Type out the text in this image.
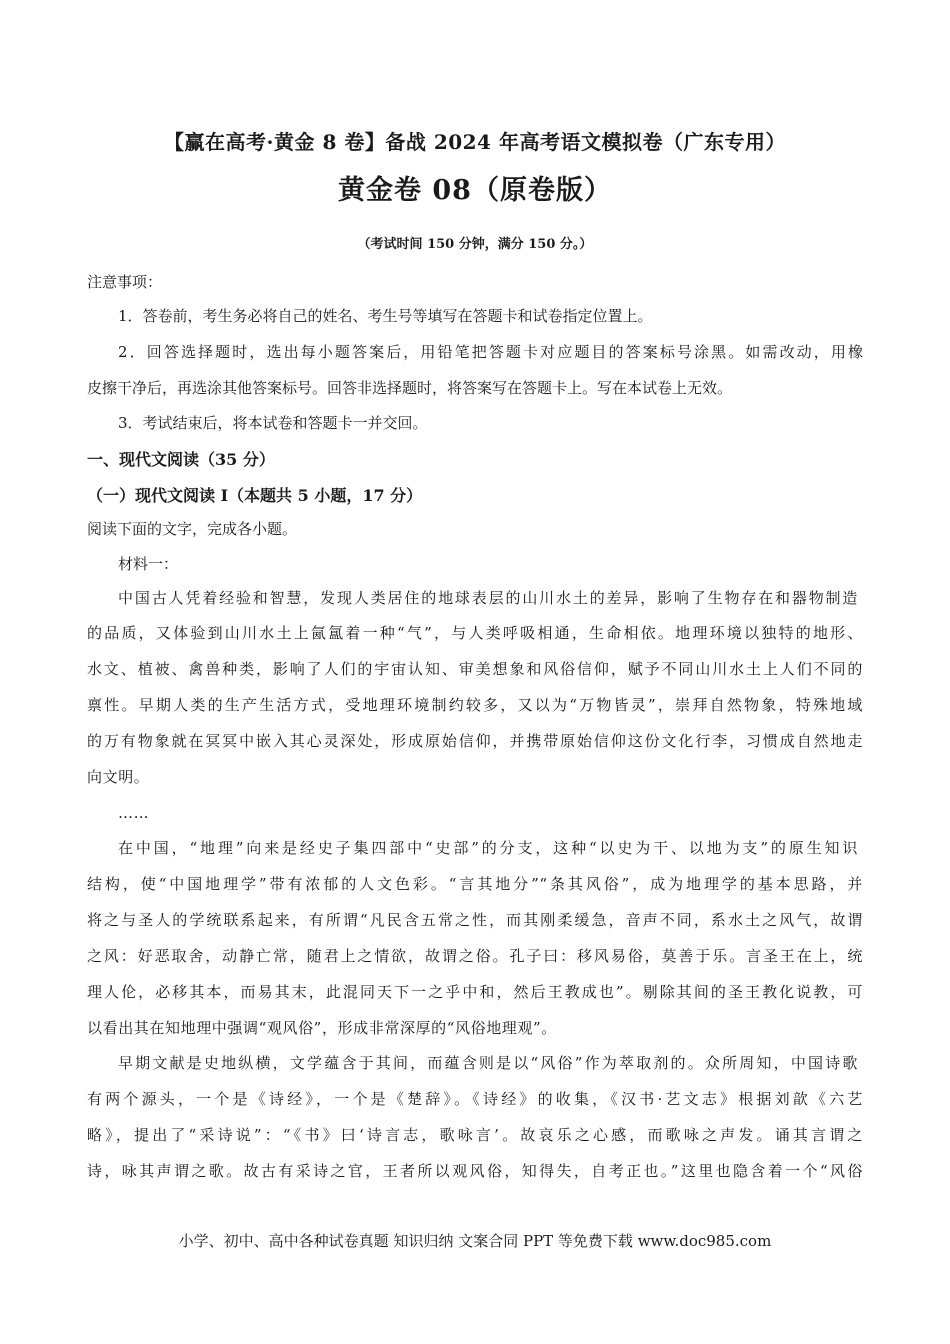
【赢在高考·黄金 8 卷】备战 2024 年高考语文模拟卷（广东专用）
黄金卷 08（原卷版）
（考试时间 150 分钟，满分 150 分。）
注意事项：
1．答卷前，考生务必将自己的姓名、考生号等填写在答题卡和试卷指定位置上。
2．回答选择题时，选出每小题答案后，用铅笔把答题卡对应题目的答案标号涂黑。如需改动，用橡
皮擦干净后，再选涂其他答案标号。回答非选择题时，将答案写在答题卡上。写在本试卷上无效。
3．考试结束后，将本试卷和答题卡一并交回。
一、现代文阅读（35 分）
（一）现代文阅读 I（本题共 5 小题，17 分）
阅读下面的文字，完成各小题。
材料一：
中国古人凭着经验和智慧，发现人类居住的地球表层的山川水土的差异，影响了生物存在和器物制造
的品质，又体验到山川水土上氤氲着一种“气”，与人类呼吸相通，生命相依。地理环境以独特的地形、
水文、植被、禽兽种类，影响了人们的宇宙认知、审美想象和风俗信仰，赋予不同山川水土上人们不同的
禀性。早期人类的生产生活方式，受地理环境制约较多，又以为“万物皆灵”，崇拜自然物象，特殊地域
的万有物象就在冥冥中嵌入其心灵深处，形成原始信仰，并携带原始信仰这份文化行李，习惯成自然地走
向文明。
……
在中国，“地理”向来是经史子集四部中“史部”的分支，这种“以史为干、以地为支”的原生知识
结构，使“中国地理学”带有浓郁的人文色彩。“言其地分”“条其风俗”，成为地理学的基本思路，并
将之与圣人的学统联系起来，有所谓“凡民含五常之性，而其刚柔缓急，音声不同，系水土之风气，故谓
之风：好恶取舍，动静亡常，随君上之情欲，故谓之俗。孔子曰：移风易俗，莫善于乐。言圣王在上，统
理人伦，必移其本，而易其末，此混同天下一之乎中和，然后王教成也”。剔除其间的圣王教化说教，可
以看出其在知地理中强调“观风俗”，形成非常深厚的“风俗地理观”。
早期文献是史地纵横，文学蕴含于其间，而蕴含则是以“风俗”作为萃取剂的。众所周知，中国诗歌
有两个源头，一个是《诗经》，一个是《楚辞》。《诗经》的收集，《汉书·艺文志》根据刘歆《六艺
略》，提出了“采诗说”：“《书》曰‘诗言志，歌咏言’。故哀乐之心感，而歌咏之声发。诵其言谓之
诗，咏其声谓之歌。故古有采诗之官，王者所以观风俗，知得失，自考正也。”这里也隐含着一个“风俗
小学、初中、高中各种试卷真题 知识归纳 文案合同 PPT 等免费下载 www.doc985.com
